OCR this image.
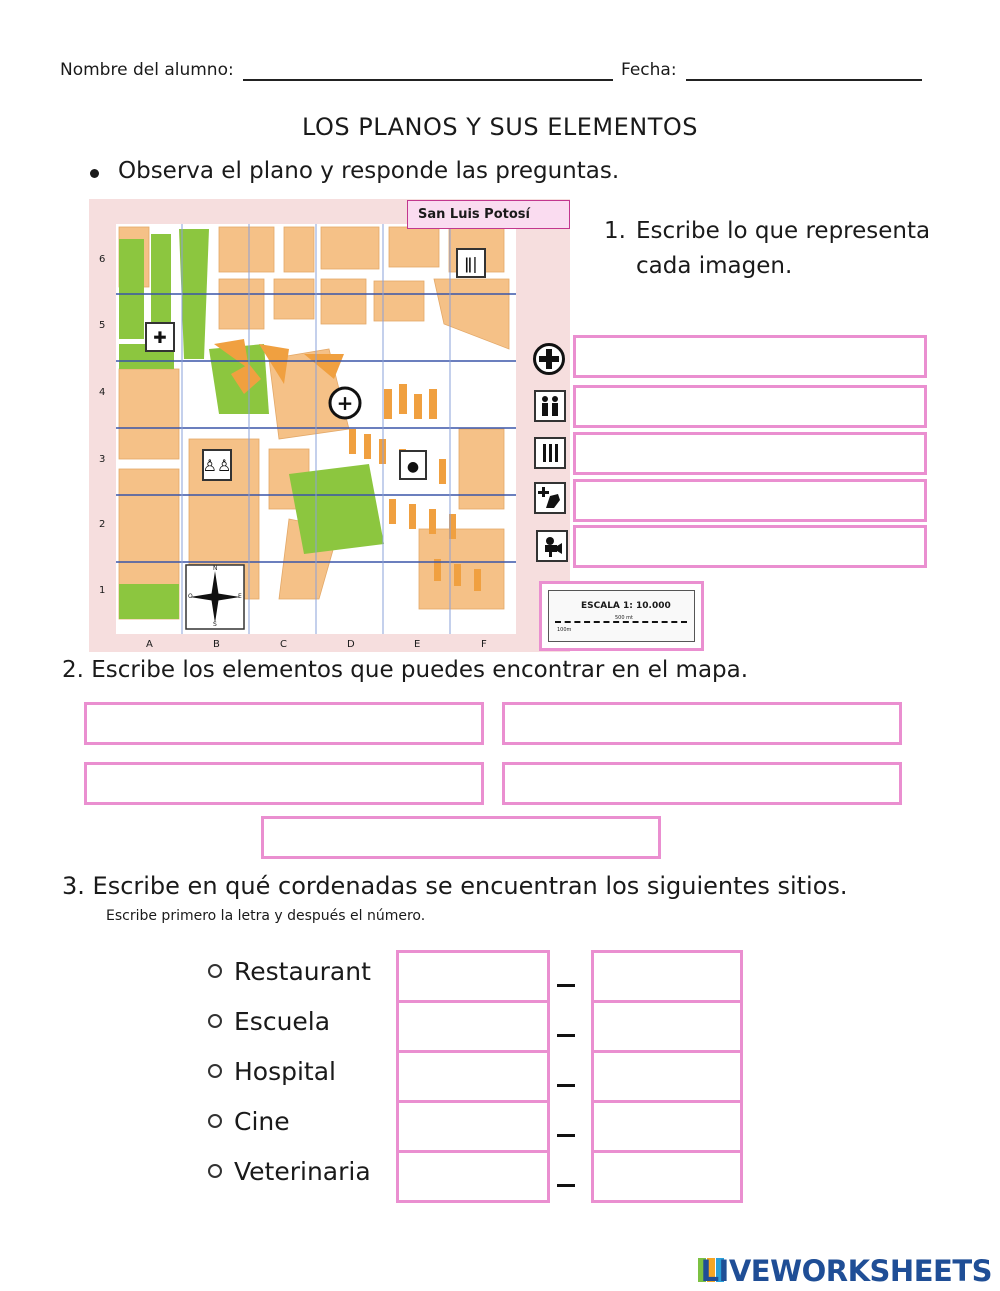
Nombre del alumno:	Fecha:
LOS PLANOS Y SUS ELEMENTOS
Observa el plano y responde las preguntas.
ǁ|
✚
+
♙♙	●
N
S
E
O
6
5
4
3
2
1
A	B	C	D	E	F
San Luis Potosí
1. Escribe lo que representa
cada imagen.
ESCALA 1: 10.000
500 mt
100m
2. Escribe los elementos que puedes encontrar en el mapa.
3. Escribe en qué cordenadas se encuentran los siguientes sitios.
Escribe primero la letra y después el número.
Restaurant
Escuela
Hospital
Cine
Veterinaria
LIVEWORKSHEETS
